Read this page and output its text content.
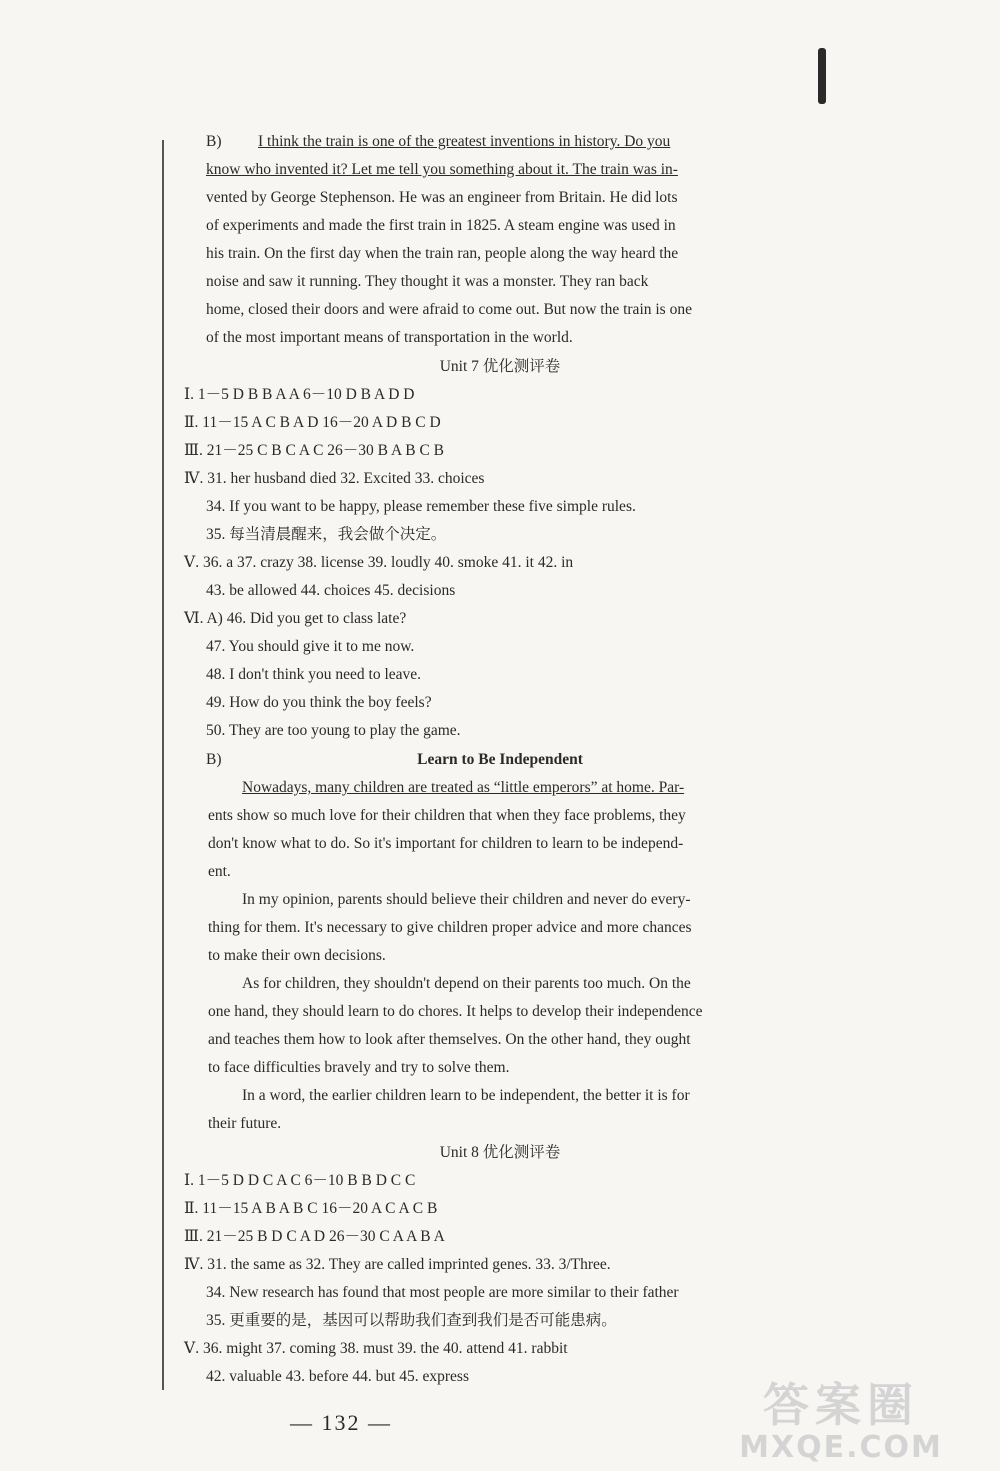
B) I think the train is one of the greatest inventions in history. Do you
know who invented it? Let me tell you something about it. The train was in-
vented by George Stephenson. He was an engineer from Britain. He did lots
of experiments and made the first train in 1825. A steam engine was used in
his train. On the first day when the train ran, people along the way heard the
noise and saw it running. They thought it was a monster. They ran back
home, closed their doors and were afraid to come out. But now the train is one
of the most important means of transportation in the world.
Unit 7 优化测评卷
Ⅰ. 1－5 D B B A A 6－10 D B A D D
Ⅱ. 11－15 A C B A D 16－20 A D B C D
Ⅲ. 21－25 C B C A C 26－30 B A B C B
Ⅳ. 31. her husband died 32. Excited 33. choices
34. If you want to be happy, please remember these five simple rules.
35. 每当清晨醒来，我会做个决定。
Ⅴ. 36. a 37. crazy 38. license 39. loudly 40. smoke 41. it 42. in
43. be allowed 44. choices 45. decisions
Ⅵ. A) 46. Did you get to class late?
47. You should give it to me now.
48. I don't think you need to leave.
49. How do you think the boy feels?
50. They are too young to play the game.
B)	Learn to Be Independent
Nowadays, many children are treated as “little emperors” at home. Par-
ents show so much love for their children that when they face problems, they
don't know what to do. So it's important for children to learn to be independ-
ent.
In my opinion, parents should believe their children and never do every-
thing for them. It's necessary to give children proper advice and more chances
to make their own decisions.
As for children, they shouldn't depend on their parents too much. On the
one hand, they should learn to do chores. It helps to develop their independence
and teaches them how to look after themselves. On the other hand, they ought
to face difficulties bravely and try to solve them.
In a word, the earlier children learn to be independent, the better it is for
their future.
Unit 8 优化测评卷
Ⅰ. 1－5 D D C A C 6－10 B B D C C
Ⅱ. 11－15 A B A B C 16－20 A C A C B
Ⅲ. 21－25 B D C A D 26－30 C A A B A
Ⅳ. 31. the same as 32. They are called imprinted genes. 33. 3/Three.
34. New research has found that most people are more similar to their father
35. 更重要的是，基因可以帮助我们查到我们是否可能患病。
Ⅴ. 36. might 37. coming 38. must 39. the 40. attend 41. rabbit
42. valuable 43. before 44. but 45. express
— 132 —	答案圈
MXQE.COM
